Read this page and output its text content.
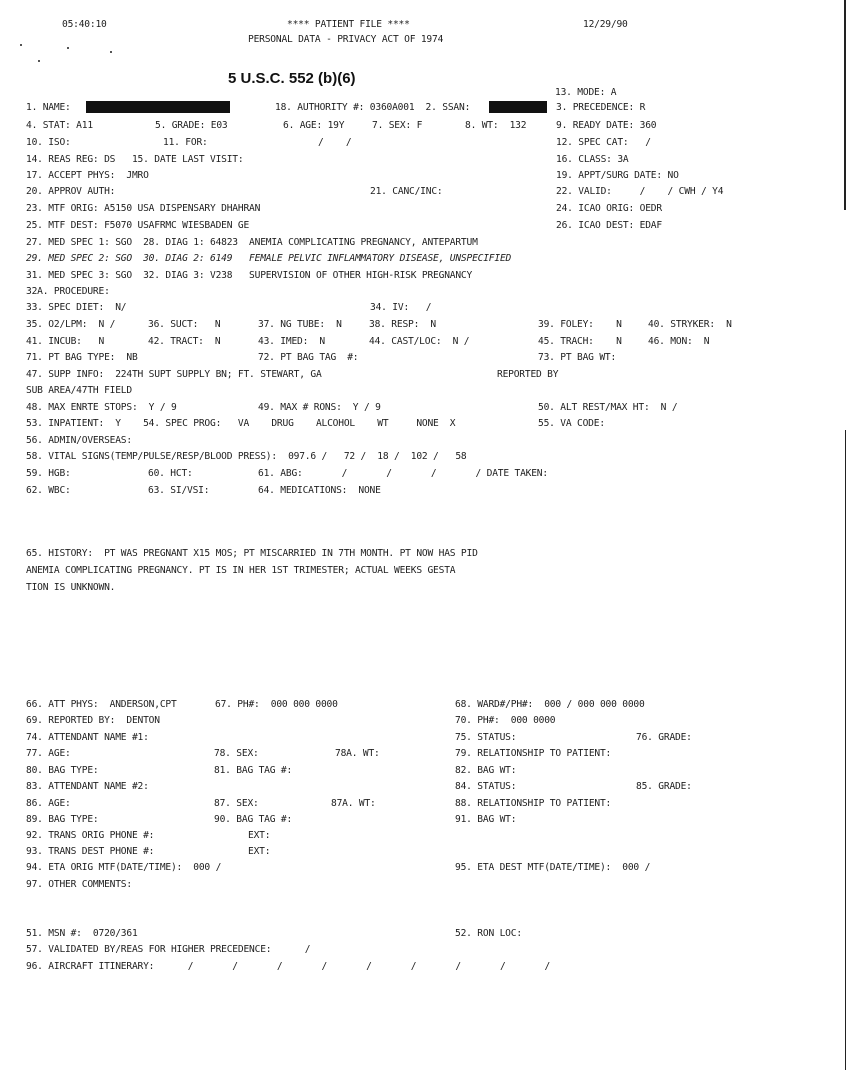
05:40:10	**** PATIENT FILE ****
PERSONAL DATA - PRIVACY ACT OF 1974
12/29/90
5 U.S.C. 552 (b)(6)
13. MODE: A
1. NAME:	18. AUTHORITY #: 0360A001  2. SSAN:	3. PRECEDENCE: R
4. STAT: A11	5. GRADE: E03	6. AGE: 19Y	7. SEX: F	8. WT:  132	9. READY DATE: 360
10. ISO:	11. FOR:	/    /	12. SPEC CAT:   /
14. REAS REG: DS   15. DATE LAST VISIT:	16. CLASS: 3A
17. ACCEPT PHYS:  JMRO	19. APPT/SURG DATE: NO
20. APPROV AUTH:	21. CANC/INC:	22. VALID:     /    / CWH / Y4
23. MTF ORIG: A5150 USA DISPENSARY DHAHRAN	24. ICAO ORIG: OEDR
25. MTF DEST: F5070 USAFRMC WIESBADEN GE	26. ICAO DEST: EDAF
27. MED SPEC 1: SGO  28. DIAG 1: 64823  ANEMIA COMPLICATING PREGNANCY, ANTEPARTUM
29. MED SPEC 2: SGO  30. DIAG 2: 6149   FEMALE PELVIC INFLAMMATORY DISEASE, UNSPECIFIED
31. MED SPEC 3: SGO  32. DIAG 3: V238   SUPERVISION OF OTHER HIGH-RISK PREGNANCY
32A. PROCEDURE:
33. SPEC DIET:  N/	34. IV:   /
35. O2/LPM:  N /	36. SUCT:   N	37. NG TUBE:  N	38. RESP:  N	39. FOLEY:    N	40. STRYKER:  N
41. INCUB:   N	42. TRACT:  N	43. IMED:  N	44. CAST/LOC:  N /	45. TRACH:    N	46. MON:  N
71. PT BAG TYPE:  NB	72. PT BAG TAG  #:	73. PT BAG WT:
47. SUPP INFO:  224TH SUPT SUPPLY BN; FT. STEWART, GA	REPORTED BY
SUB AREA/47TH FIELD
48. MAX ENRTE STOPS:  Y / 9	49. MAX # RONS:  Y / 9	50. ALT REST/MAX HT:  N /
53. INPATIENT:  Y    54. SPEC PROG:   VA    DRUG    ALCOHOL    WT     NONE  X	55. VA CODE:
56. ADMIN/OVERSEAS:
58. VITAL SIGNS(TEMP/PULSE/RESP/BLOOD PRESS):  097.6 /   72 /  18 /  102 /   58
59. HGB:	60. HCT:	61. ABG:       /       /       /       / DATE TAKEN:
62. WBC:	63. SI/VSI:	64. MEDICATIONS:  NONE
65. HISTORY:  PT WAS PREGNANT X15 MOS; PT MISCARRIED IN 7TH MONTH. PT NOW HAS PID
ANEMIA COMPLICATING PREGNANCY. PT IS IN HER 1ST TRIMESTER; ACTUAL WEEKS GESTA
TION IS UNKNOWN.
66. ATT PHYS:  ANDERSON,CPT	67. PH#:  000 000 0000	68. WARD#/PH#:  000 / 000 000 0000
69. REPORTED BY:  DENTON	70. PH#:  000 0000
74. ATTENDANT NAME #1:	75. STATUS:	76. GRADE:
77. AGE:	78. SEX:	78A. WT:	79. RELATIONSHIP TO PATIENT:
80. BAG TYPE:	81. BAG TAG #:	82. BAG WT:
83. ATTENDANT NAME #2:	84. STATUS:	85. GRADE:
86. AGE:	87. SEX:	87A. WT:	88. RELATIONSHIP TO PATIENT:
89. BAG TYPE:	90. BAG TAG #:	91. BAG WT:
92. TRANS ORIG PHONE #:	EXT:
93. TRANS DEST PHONE #:	EXT:
94. ETA ORIG MTF(DATE/TIME):  000 /	95. ETA DEST MTF(DATE/TIME):  000 /
97. OTHER COMMENTS:
51. MSN #:  0720/361	52. RON LOC:
57. VALIDATED BY/REAS FOR HIGHER PRECEDENCE:      /
96. AIRCRAFT ITINERARY:      /       /       /       /       /       /       /       /       /
